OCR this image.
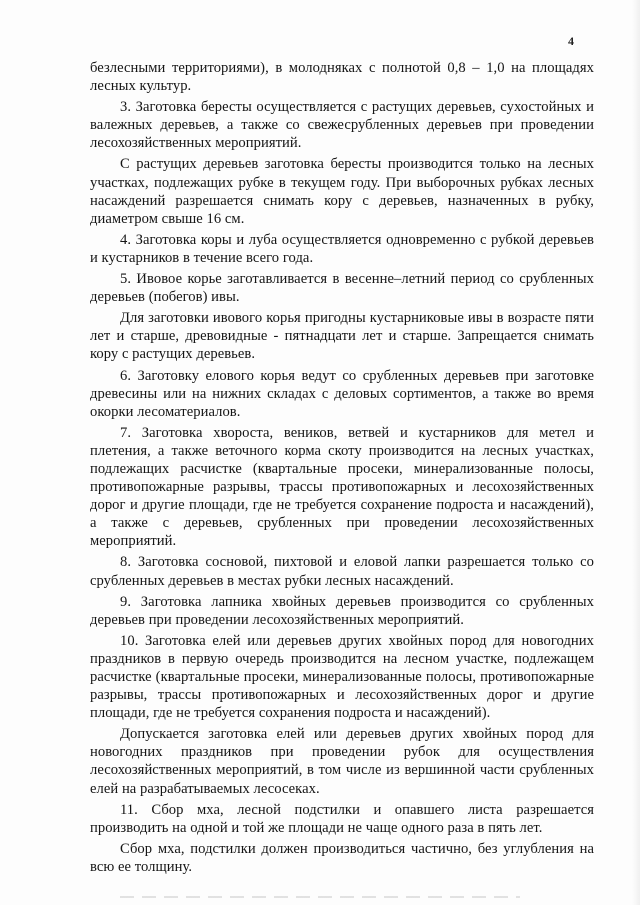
4

безлесными территориями), в молодняках с полнотой 0,8 – 1,0 на площадях лесных культур.

3. Заготовка бересты осуществляется с растущих деревьев, сухостойных и валежных деревьев, а также со свежесрубленных деревьев при проведении лесохозяйственных мероприятий.

С растущих деревьев заготовка бересты производится только на лесных участках, подлежащих рубке в текущем году. При выборочных рубках лесных насаждений разрешается снимать кору с деревьев, назначенных в рубку, диаметром свыше 16 см.

4. Заготовка коры и луба осуществляется одновременно с рубкой деревьев и кустарников в течение всего года.

5. Ивовое корье заготавливается в весенне–летний период со срубленных деревьев (побегов) ивы.

Для заготовки ивового корья пригодны кустарниковые ивы в возрасте пяти лет и старше, древовидные - пятнадцати лет и старше. Запрещается снимать кору с растущих деревьев.

6. Заготовку елового корья ведут со срубленных деревьев при заготовке древесины или на нижних складах с деловых сортиментов, а также во время окорки лесоматериалов.

7. Заготовка хвороста, веников, ветвей и кустарников для метел и плетения, а также веточного корма скоту производится на лесных участках, подлежащих расчистке (квартальные просеки, минерализованные полосы, противопожарные разрывы, трассы противопожарных и лесохозяйственных дорог и другие площади, где не требуется сохранение подроста и насаждений), а также с деревьев, срубленных при проведении лесохозяйственных мероприятий.

8. Заготовка сосновой, пихтовой и еловой лапки разрешается только со срубленных деревьев в местах рубки лесных насаждений.

9. Заготовка лапника хвойных деревьев производится со срубленных деревьев при проведении лесохозяйственных мероприятий.

10. Заготовка елей или деревьев других хвойных пород для новогодних праздников в первую очередь производится на лесном участке, подлежащем расчистке (квартальные просеки, минерализованные полосы, противопожарные разрывы, трассы противопожарных и лесохозяйственных дорог и другие площади, где не требуется сохранения подроста и насаждений).

Допускается заготовка елей или деревьев других хвойных пород для новогодних праздников при проведении рубок для осуществления лесохозяйственных мероприятий, в том числе из вершинной части срубленных елей на разрабатываемых лесосеках.

11. Сбор мха, лесной подстилки и опавшего листа разрешается производить на одной и той же площади не чаще одного раза в пять лет.

Сбор мха, подстилки должен производиться частично, без углубления на всю ее толщину.
